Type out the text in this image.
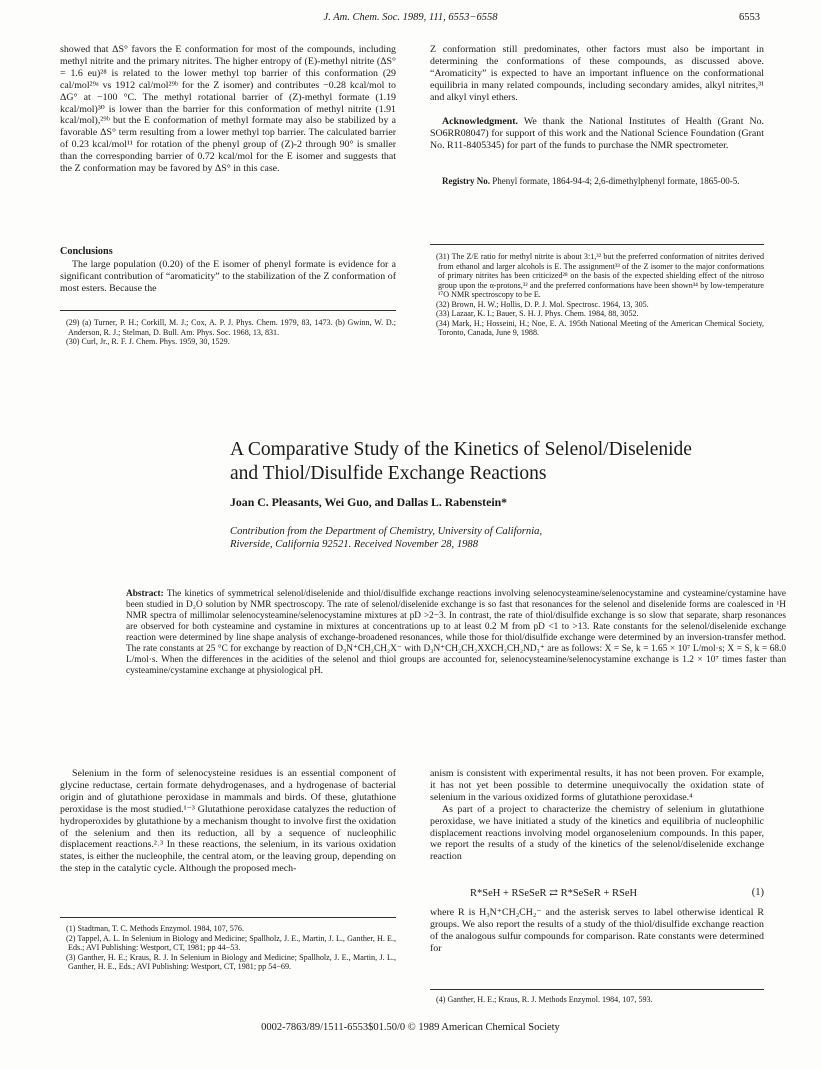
J. Am. Chem. Soc. 1989, 111, 6553−6558	6553

showed that ΔS° favors the E conformation for most of the compounds, including methyl nitrite and the primary nitrites. The higher entropy of (E)-methyl nitrite (ΔS° = 1.6 eu)²⁸ is related to the lower methyl top barrier of this conformation (29 cal/mol²⁹ᵃ vs 1912 cal/mol²⁹ᵇ for the Z isomer) and contributes −0.28 kcal/mol to ΔG° at −100 °C. The methyl rotational barrier of (Z)-methyl formate (1.19 kcal/mol)³⁰ is lower than the barrier for this conformation of methyl nitrite (1.91 kcal/mol),²⁹ᵇ but the E conformation of methyl formate may also be stabilized by a favorable ΔS° term resulting from a lower methyl top barrier. The calculated barrier of 0.23 kcal/mol¹¹ for rotation of the phenyl group of (Z)-2 through 90° is smaller than the corresponding barrier of 0.72 kcal/mol for the E isomer and suggests that the Z conformation may be favored by ΔS° in this case.

Conclusions

The large population (0.20) of the E isomer of phenyl formate is evidence for a significant contribution of “aromaticity” to the stabilization of the Z conformation of most esters. Because the

(29) (a) Turner, P. H.; Corkill, M. J.; Cox, A. P. J. Phys. Chem. 1979, 83, 1473. (b) Gwinn, W. D.; Anderson, R. J.; Stelman, D. Bull. Am. Phys. Soc. 1968, 13, 831.

(30) Curl, Jr., R. F. J. Chem. Phys. 1959, 30, 1529.

Z conformation still predominates, other factors must also be important in determining the conformations of these compounds, as discussed above. “Aromaticity” is expected to have an important influence on the conformational equilibria in many related compounds, including secondary amides, alkyl nitrites,³¹ and alkyl vinyl ethers.

Acknowledgment. We thank the National Institutes of Health (Grant No. SO6RR08047) for support of this work and the National Science Foundation (Grant No. R11-8405345) for part of the funds to purchase the NMR spectrometer.

Registry No. Phenyl formate, 1864-94-4; 2,6-dimethylphenyl formate, 1865-00-5.

(31) The Z/E ratio for methyl nitrite is about 3:1,³² but the preferred conformation of nitrites derived from ethanol and larger alcohols is E. The assignment³³ of the Z isomer to the major conformations of primary nitrites has been criticized²⁸ on the basis of the expected shielding effect of the nitroso group upon the α-protons,³² and the preferred conformations have been shown³⁴ by low-temperature ¹⁷O NMR spectroscopy to be E.

(32) Brown, H. W.; Hollis, D. P. J. Mol. Spectrosc. 1964, 13, 305.

(33) Lazaar, K. I.; Bauer, S. H. J. Phys. Chem. 1984, 88, 3052.

(34) Mark, H.; Hosseini, H.; Noe, E. A. 195th National Meeting of the American Chemical Society, Toronto, Canada, June 9, 1988.

A Comparative Study of the Kinetics of Selenol/Diselenide
and Thiol/Disulfide Exchange Reactions
Joan C. Pleasants, Wei Guo, and Dallas L. Rabenstein*
Contribution from the Department of Chemistry, University of California,
Riverside, California 92521. Received November 28, 1988
Abstract: The kinetics of symmetrical selenol/diselenide and thiol/disulfide exchange reactions involving selenocysteamine/selenocystamine and cysteamine/cystamine have been studied in D₂O solution by NMR spectroscopy. The rate of selenol/diselenide exchange is so fast that resonances for the selenol and diselenide forms are coalesced in ¹H NMR spectra of millimolar selenocysteamine/selenocystamine mixtures at pD >2−3. In contrast, the rate of thiol/disulfide exchange is so slow that separate, sharp resonances are observed for both cysteamine and cystamine in mixtures at concentrations up to at least 0.2 M from pD <1 to >13. Rate constants for the selenol/diselenide exchange reaction were determined by line shape analysis of exchange-broadened resonances, while those for thiol/disulfide exchange were determined by an inversion-transfer method. The rate constants at 25 °C for exchange by reaction of D₃N⁺CH₂CH₂X⁻ with D₃N⁺CH₂CH₂XXCH₂CH₂ND₃⁺ are as follows: X = Se, k = 1.65 × 10⁷ L/mol·s; X = S, k = 68.0 L/mol·s. When the differences in the acidities of the selenol and thiol groups are accounted for, selenocysteamine/selenocystamine exchange is 1.2 × 10⁷ times faster than cysteamine/cystamine exchange at physiological pH.

Selenium in the form of selenocysteine residues is an essential component of glycine reductase, certain formate dehydrogenases, and a hydrogenase of bacterial origin and of glutathione peroxidase in mammals and birds. Of these, glutathione peroxidase is the most studied.¹⁻³ Glutathione peroxidase catalyzes the reduction of hydroperoxides by glutathione by a mechanism thought to involve first the oxidation of the selenium and then its reduction, all by a sequence of nucleophilic displacement reactions.²˒³ In these reactions, the selenium, in its various oxidation states, is either the nucleophile, the central atom, or the leaving group, depending on the step in the catalytic cycle. Although the proposed mech-

(1) Stadtman, T. C. Methods Enzymol. 1984, 107, 576.

(2) Tappel, A. L. In Selenium in Biology and Medicine; Spallholz, J. E., Martin, J. L., Ganther, H. E., Eds.; AVI Publishing: Westport, CT, 1981; pp 44−53.

(3) Ganther, H. E.; Kraus, R. J. In Selenium in Biology and Medicine; Spallholz, J. E., Martin, J. L., Ganther, H. E., Eds.; AVI Publishing: Westport, CT, 1981; pp 54−69.

anism is consistent with experimental results, it has not been proven. For example, it has not yet been possible to determine unequivocally the oxidation state of selenium in the various oxidized forms of glutathione peroxidase.⁴

As part of a project to characterize the chemistry of selenium in glutathione peroxidase, we have initiated a study of the kinetics and equilibria of nucleophilic displacement reactions involving model organoselenium compounds. In this paper, we report the results of a study of the kinetics of the selenol/diselenide exchange reaction

R*SeH + RSeSeR ⇄ R*SeSeR + RSeH	(1)

where R is H₃N⁺CH₂CH₂⁻ and the asterisk serves to label otherwise identical R groups. We also report the results of a study of the thiol/disulfide exchange reaction of the analogous sulfur compounds for comparison. Rate constants were determined for

(4) Ganther, H. E.; Kraus, R. J. Methods Enzymol. 1984, 107, 593.

0002-7863/89/1511-6553$01.50/0 © 1989 American Chemical Society
